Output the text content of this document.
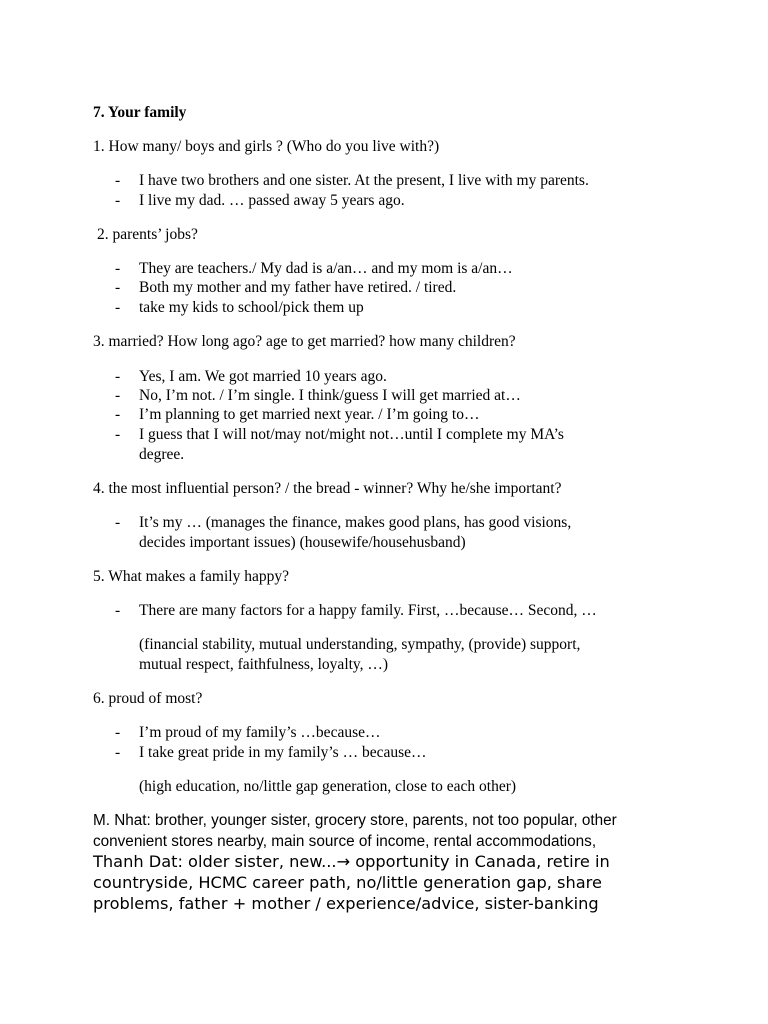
7. Your family
1. How many/ boys and girls ? (Who do you live with?)
- I have two brothers and one sister. At the present, I live with my parents.
- I live my dad. … passed away 5 years ago.
2. parents’ jobs?
- They are teachers./ My dad is a/an… and my mom is a/an…
- Both my mother and my father have retired. / tired.
- take my kids to school/pick them up
3. married? How long ago? age to get married? how many children?
- Yes, I am. We got married 10 years ago.
- No, I’m not. / I’m single. I think/guess I will get married at…
- I’m planning to get married next year. / I’m going to…
- I guess that I will not/may not/might not…until I complete my MA’s
degree.
4. the most influential person? / the bread - winner? Why he/she important?
- It’s my … (manages the finance, makes good plans, has good visions,
decides important issues) (housewife/househusband)
5. What makes a family happy?
- There are many factors for a happy family. First, …because… Second, …
(financial stability, mutual understanding, sympathy, (provide) support,
mutual respect, faithfulness, loyalty, …)
6. proud of most?
- I’m proud of my family’s …because…
- I take great pride in my family’s … because…
(high education, no/little gap generation, close to each other)
M. Nhat: brother, younger sister, grocery store, parents, not too popular, other
convenient stores nearby, main source of income, rental accommodations,
Thanh Dat: older sister, new...→ opportunity in Canada, retire in
countryside, HCMC career path, no/little generation gap, share
problems, father + mother / experience/advice, sister-banking
